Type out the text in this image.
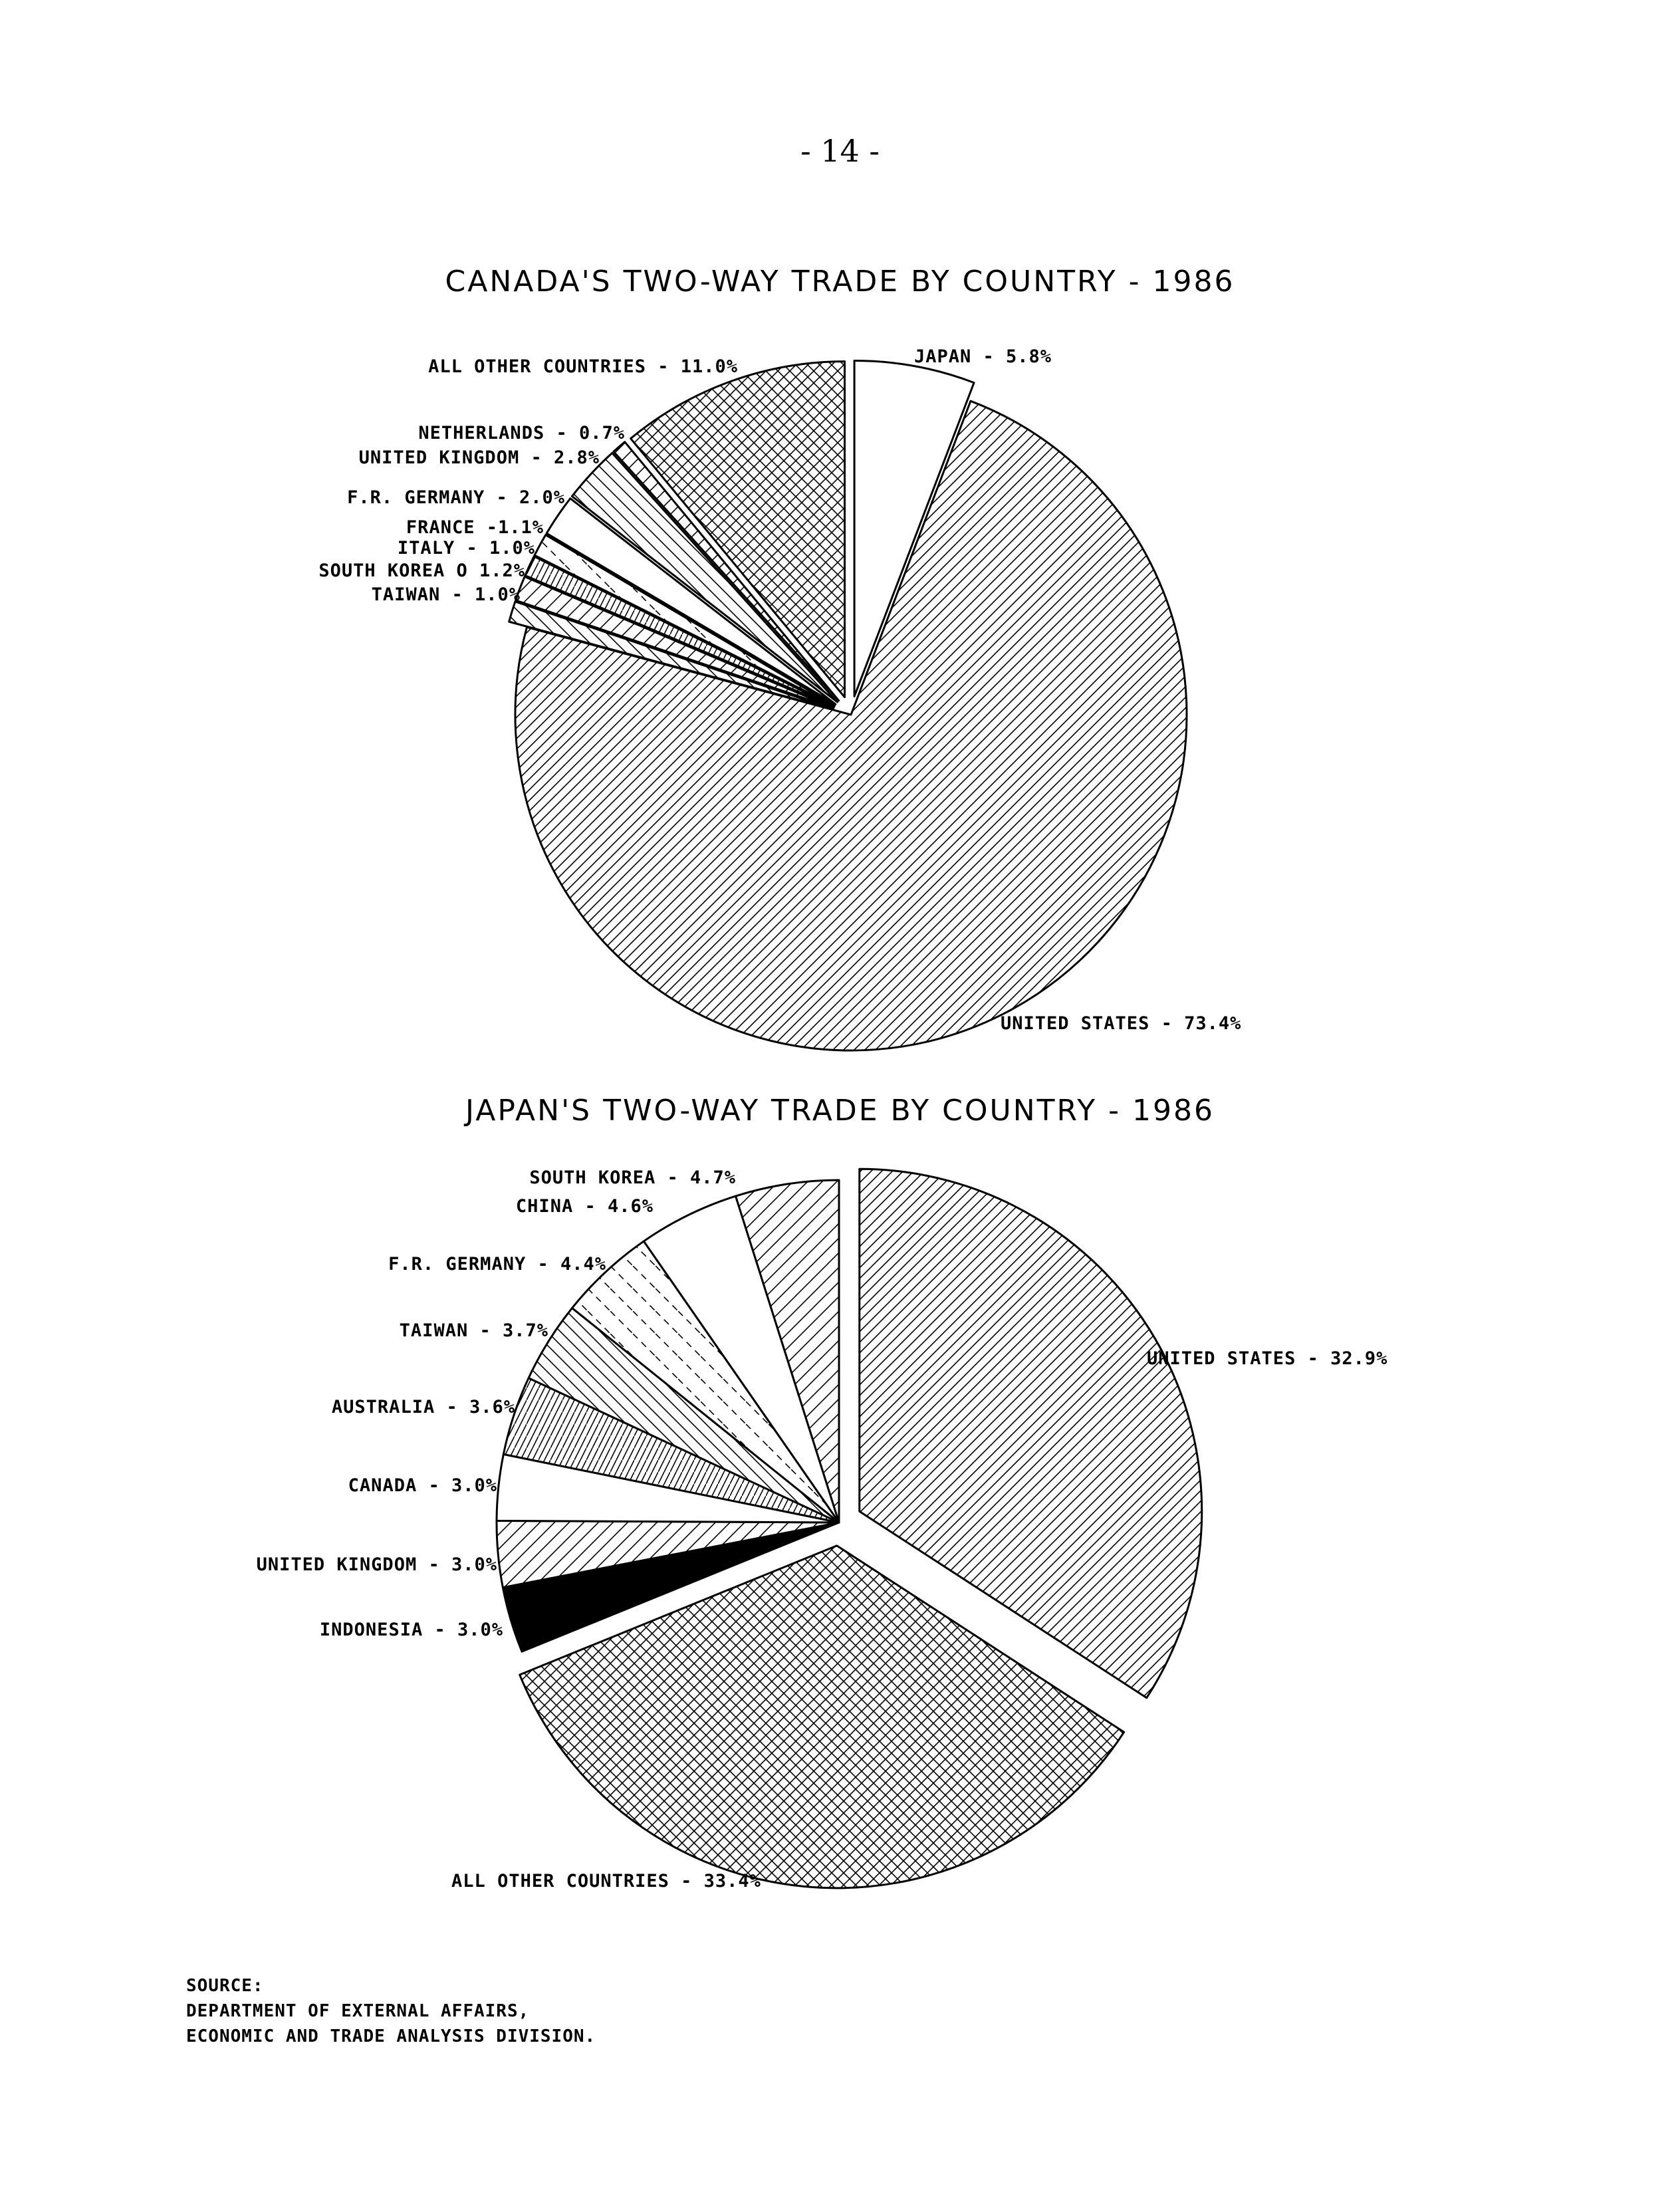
- 14 -
CANADA'S TWO-WAY TRADE BY COUNTRY - 1986
JAPAN - 5.8%
UNITED STATES - 73.4%
TAIWAN - 1.0%
SOUTH KOREA O 1.2%
ITALY - 1.0%
FRANCE -1.1%
F.R. GERMANY - 2.0%
UNITED KINGDOM - 2.8%
NETHERLANDS - 0.7%
ALL OTHER COUNTRIES - 11.0%
JAPAN'S TWO-WAY TRADE BY COUNTRY - 1986
UNITED STATES - 32.9%
ALL OTHER COUNTRIES - 33.4%
INDONESIA - 3.0%
UNITED KINGDOM - 3.0%
CANADA - 3.0%
AUSTRALIA - 3.6%
TAIWAN - 3.7%
F.R. GERMANY - 4.4%
CHINA - 4.6%
SOUTH KOREA - 4.7%
SOURCE:
DEPARTMENT OF EXTERNAL AFFAIRS,
ECONOMIC AND TRADE ANALYSIS DIVISION.
